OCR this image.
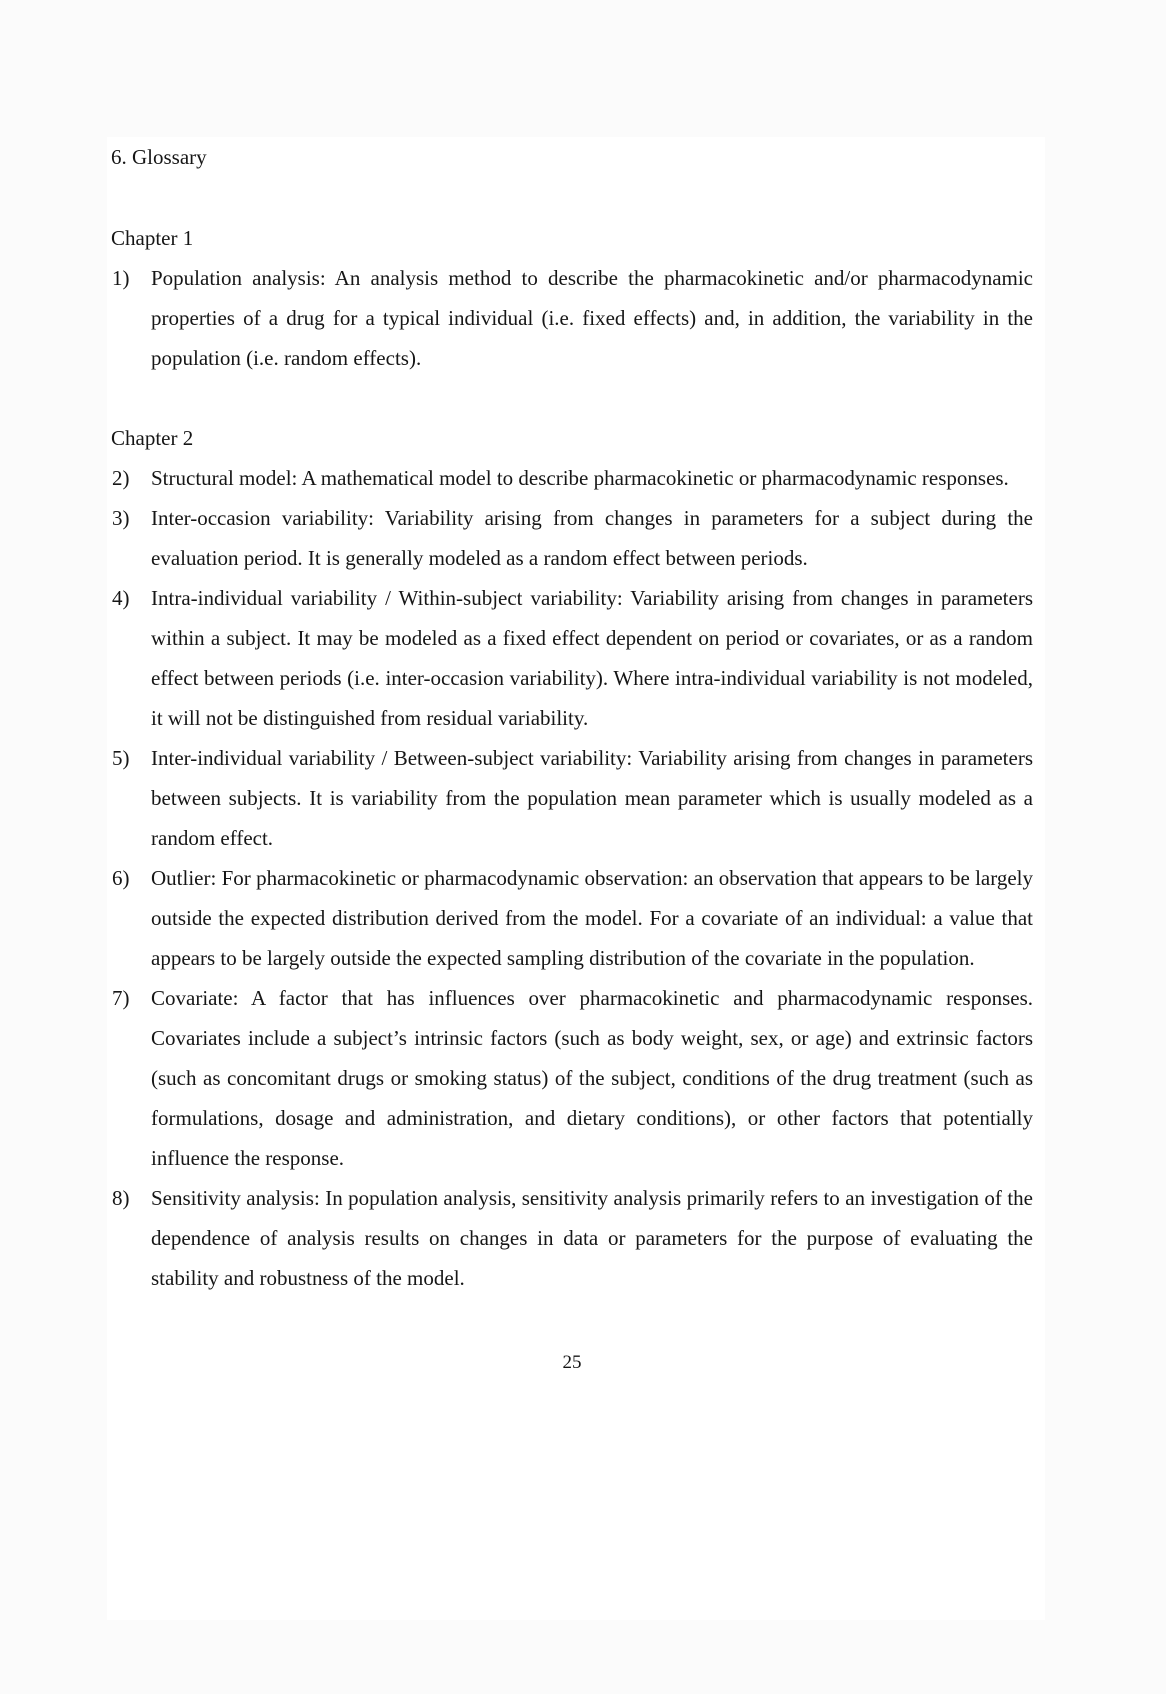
6. Glossary
Chapter 1
1)	Population analysis: An analysis method to describe the pharmacokinetic and/or pharmacodynamic properties of a drug for a typical individual (i.e. fixed effects) and, in addition, the variability in the population (i.e. random effects).
Chapter 2
2)	Structural model: A mathematical model to describe pharmacokinetic or pharmacodynamic responses.
3)	Inter-occasion variability: Variability arising from changes in parameters for a subject during the evaluation period. It is generally modeled as a random effect between periods.
4)	Intra-individual variability / Within-subject variability: Variability arising from changes in parameters within a subject. It may be modeled as a fixed effect dependent on period or covariates, or as a random effect between periods (i.e. inter-occasion variability). Where intra-individual variability is not modeled, it will not be distinguished from residual variability.
5)	Inter-individual variability / Between-subject variability: Variability arising from changes in parameters between subjects. It is variability from the population mean parameter which is usually modeled as a random effect.
6)	Outlier: For pharmacokinetic or pharmacodynamic observation: an observation that appears to be largely outside the expected distribution derived from the model. For a covariate of an individual: a value that appears to be largely outside the expected sampling distribution of the covariate in the population.
7)	Covariate: A factor that has influences over pharmacokinetic and pharmacodynamic responses. Covariates include a subject’s intrinsic factors (such as body weight, sex, or age) and extrinsic factors (such as concomitant drugs or smoking status) of the subject, conditions of the drug treatment (such as formulations, dosage and administration, and dietary conditions), or other factors that potentially influence the response.
8)	Sensitivity analysis: In population analysis, sensitivity analysis primarily refers to an investigation of the dependence of analysis results on changes in data or parameters for the purpose of evaluating the stability and robustness of the model.
25
